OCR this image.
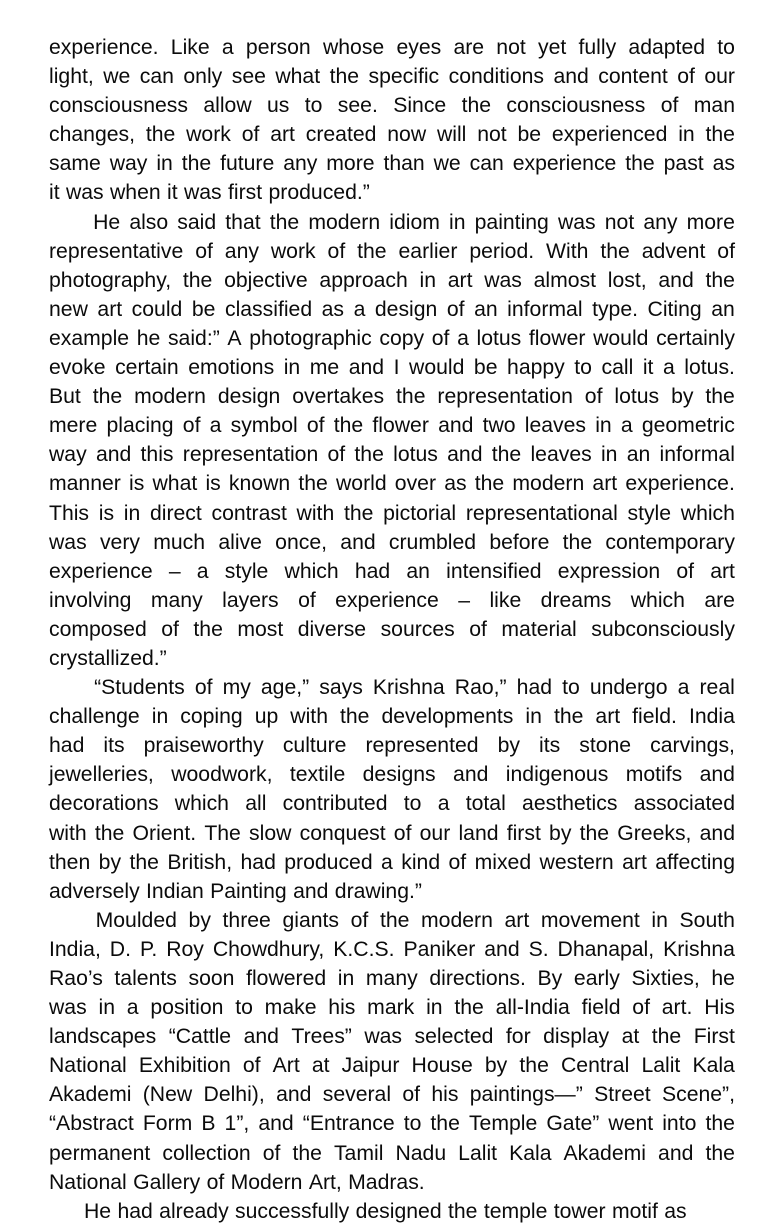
experience. Like a person whose eyes are not yet fully adapted to
light, we can only see what the specific conditions and content of our
consciousness allow us to see. Since the consciousness of man
changes, the work of art created now will not be experienced in the
same way in the future any more than we can experience the past as
it was when it was first produced.”
He also said that the modern idiom in painting was not any more
representative of any work of the earlier period. With the advent of
photography, the objective approach in art was almost lost, and the
new art could be classified as a design of an informal type. Citing an
example he said:” A photographic copy of a lotus flower would certainly
evoke certain emotions in me and I would be happy to call it a lotus.
But the modern design overtakes the representation of lotus by the
mere placing of a symbol of the flower and two leaves in a geometric
way and this representation of the lotus and the leaves in an informal
manner is what is known the world over as the modern art experience.
This is in direct contrast with the pictorial representational style which
was very much alive once, and crumbled before the contemporary
experience – a style which had an intensified expression of art
involving many layers of experience – like dreams which are
composed of the most diverse sources of material subconsciously
crystallized.”
“Students of my age,” says Krishna Rao,” had to undergo a real
challenge in coping up with the developments in the art field. India
had its praiseworthy culture represented by its stone carvings,
jewelleries, woodwork, textile designs and indigenous motifs and
decorations which all contributed to a total aesthetics associated
with the Orient. The slow conquest of our land first by the Greeks, and
then by the British, had produced a kind of mixed western art affecting
adversely Indian Painting and drawing.”
Moulded by three giants of the modern art movement in South
India, D. P. Roy Chowdhury, K.C.S. Paniker and S. Dhanapal, Krishna
Rao’s talents soon flowered in many directions. By early Sixties, he
was in a position to make his mark in the all-India field of art. His
landscapes “Cattle and Trees” was selected for display at the First
National Exhibition of Art at Jaipur House by the Central Lalit Kala
Akademi (New Delhi), and several of his paintings—” Street Scene”,
“Abstract Form B 1”, and “Entrance to the Temple Gate” went into the
permanent collection of the Tamil Nadu Lalit Kala Akademi and the
National Gallery of Modern Art, Madras.
He had already successfully designed the temple tower motif as
